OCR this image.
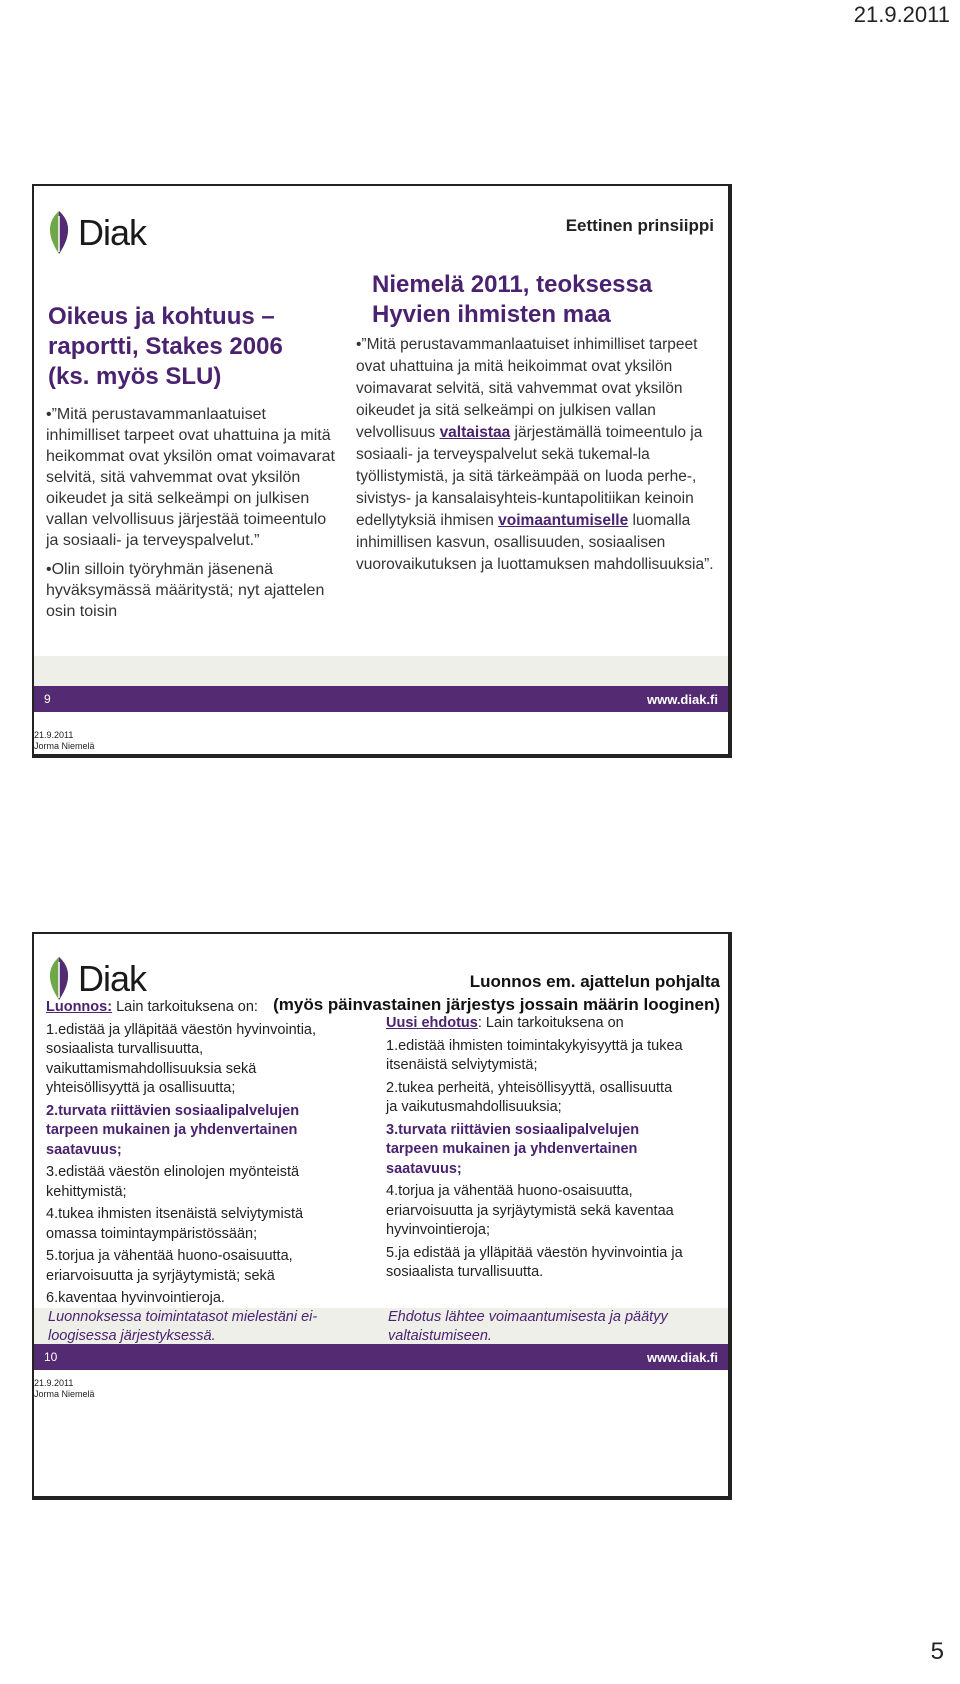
21.9.2011
Diak	Eettinen prinsiippi
Oikeus ja kohtuus – raportti, Stakes 2006 (ks. myös SLU)

•”Mitä perustavammanlaatuiset inhimilliset tarpeet ovat uhattuina ja mitä heikommat ovat yksilön omat voimavarat selvitä, sitä vahvemmat ovat yksilön oikeudet ja sitä selkeämpi on julkisen vallan velvollisuus järjestää toimeentulo ja sosiaali- ja terveyspalvelut.”

•Olin silloin työryhmän jäsenenä hyväksymässä määritystä; nyt ajattelen osin toisin

Niemelä 2011, teoksessa Hyvien ihmisten maa
•”Mitä perustavammanlaatuiset inhimilliset tarpeet ovat uhattuina ja mitä heikoimmat ovat yksilön voimavarat selvitä, sitä vahvemmat ovat yksilön oikeudet ja sitä selkeämpi on julkisen vallan velvollisuus valtaistaa järjestämällä toimeentulo ja sosiaali- ja terveyspalvelut sekä tukemal-la työllistymistä, ja sitä tärkeämpää on luoda perhe-, sivistys- ja kansalaisyhteis-kuntapolitiikan keinoin edellytyksiä ihmisen voimaantumiselle luomalla inhimillisen kasvun, osallisuuden, sosiaalisen vuorovaikutuksen ja luottamuksen mahdollisuuksia”.
9	www.diak.fi
21.9.2011
Jorma Niemelä
Diak	Luonnos em. ajattelun pohjalta
(myös päinvastainen järjestys jossain määrin looginen)

Luonnos: Lain tarkoituksena on:

1.edistää ja ylläpitää väestön hyvinvointia, sosiaalista turvallisuutta, vaikuttamismahdollisuuksia sekä yhteisöllisyyttä ja osallisuutta;

2.turvata riittävien sosiaalipalvelujen tarpeen mukainen ja yhdenvertainen saatavuus;

3.edistää väestön elinolojen myönteistä kehittymistä;

4.tukea ihmisten itsenäistä selviytymistä omassa toimintaympäristössään;

5.torjua ja vähentää huono-osaisuutta, eriarvoisuutta ja syrjäytymistä; sekä

6.kaventaa hyvinvointieroja.

Uusi ehdotus: Lain tarkoituksena on

1.edistää ihmisten toimintakykyisyyttä ja tukea itsenäistä selviytymistä;

2.tukea perheitä, yhteisöllisyyttä, osallisuutta ja vaikutusmahdollisuuksia;

3.turvata riittävien sosiaalipalvelujen tarpeen mukainen ja yhdenvertainen saatavuus;

4.torjua ja vähentää huono-osaisuutta, eriarvoisuutta ja syrjäytymistä sekä kaventaa hyvinvointieroja;

5.ja edistää ja ylläpitää väestön hyvinvointia ja sosiaalista turvallisuutta.

Luonnoksessa toimintatasot mielestäni ei-loogisessa järjestyksessä.
Ehdotus lähtee voimaantumisesta ja päätyy valtaistumiseen.
10	www.diak.fi
21.9.2011
Jorma Niemelä
5
